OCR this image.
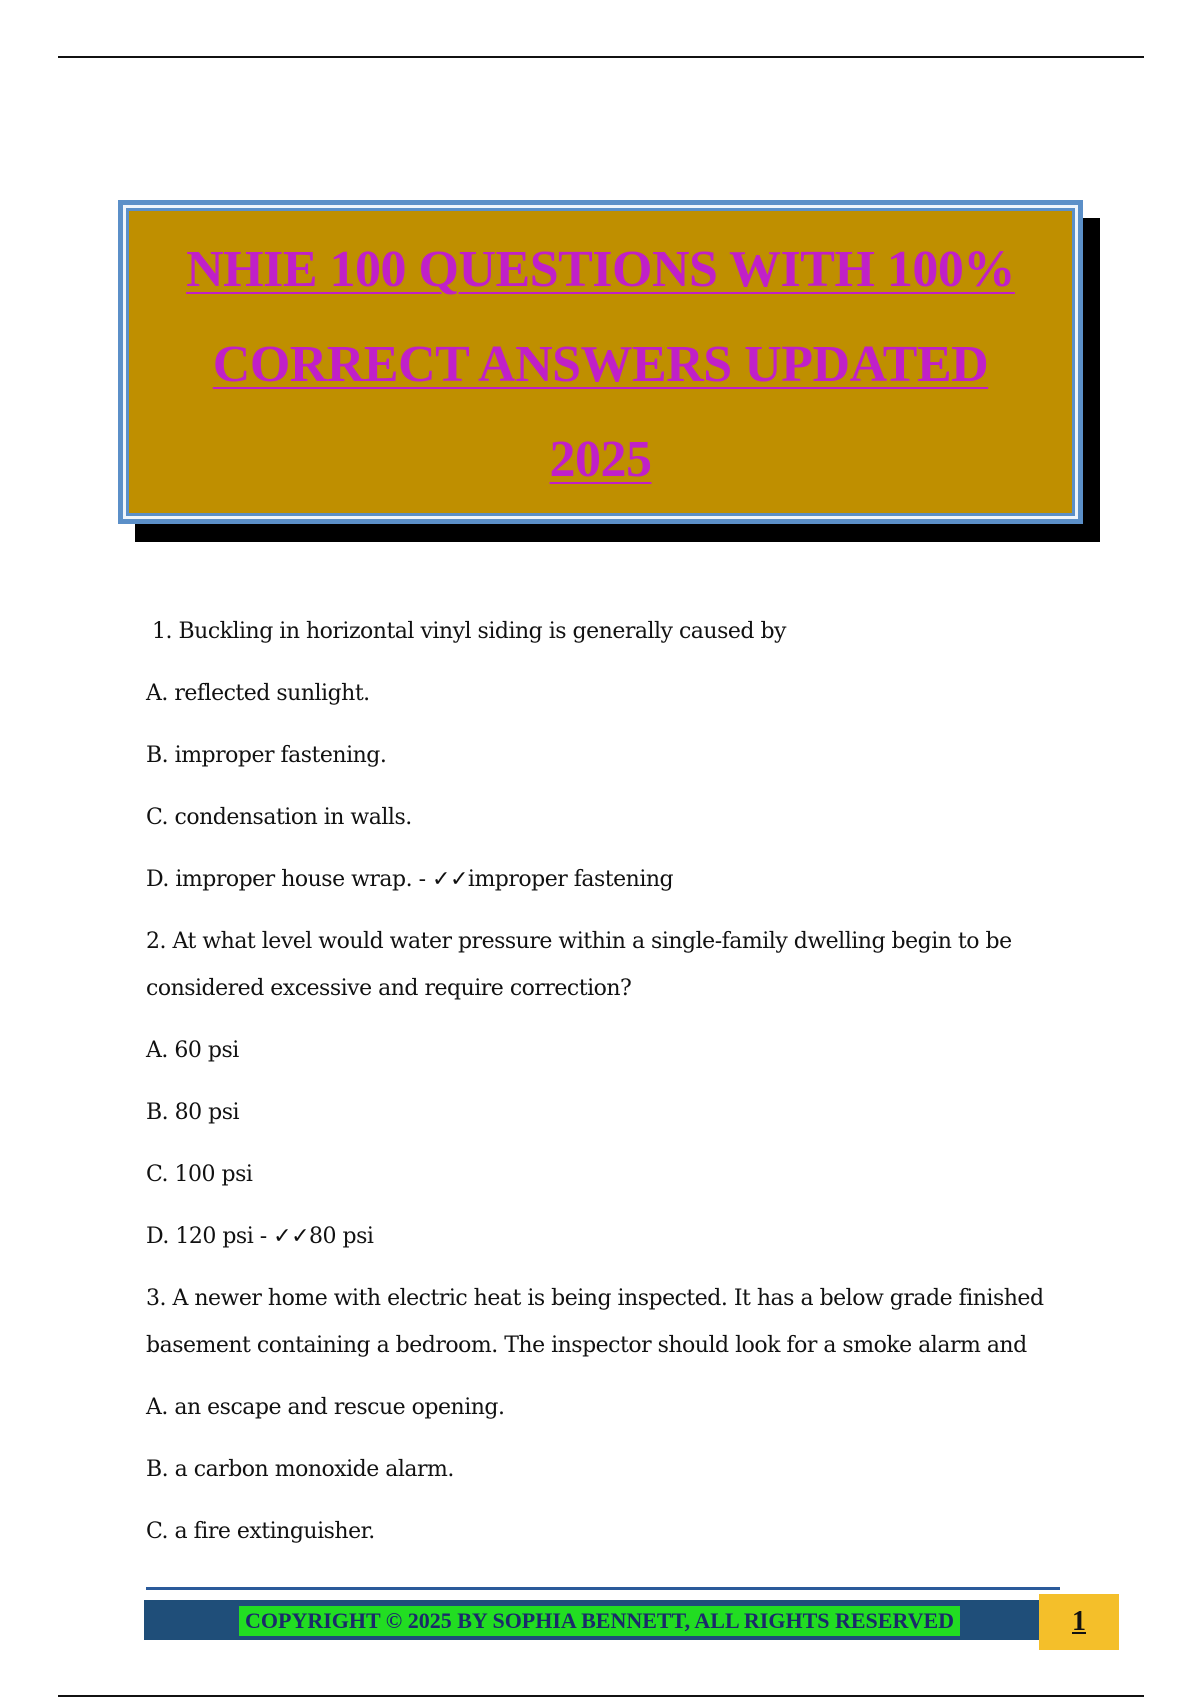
NHIE 100 QUESTIONS WITH 100%
CORRECT ANSWERS UPDATED
2025

1. Buckling in horizontal vinyl siding is generally caused by

A. reflected sunlight.

B. improper fastening.

C. condensation in walls.

D. improper house wrap. - ✓✓improper fastening

2. At what level would water pressure within a single-family dwelling begin to be

considered excessive and require correction?

A. 60 psi

B. 80 psi

C. 100 psi

D. 120 psi - ✓✓80 psi

3. A newer home with electric heat is being inspected. It has a below grade finished

basement containing a bedroom. The inspector should look for a smoke alarm and

A. an escape and rescue opening.

B. a carbon monoxide alarm.

C. a fire extinguisher.

COPYRIGHT © 2025 BY SOPHIA BENNETT, ALL RIGHTS RESERVED	1
